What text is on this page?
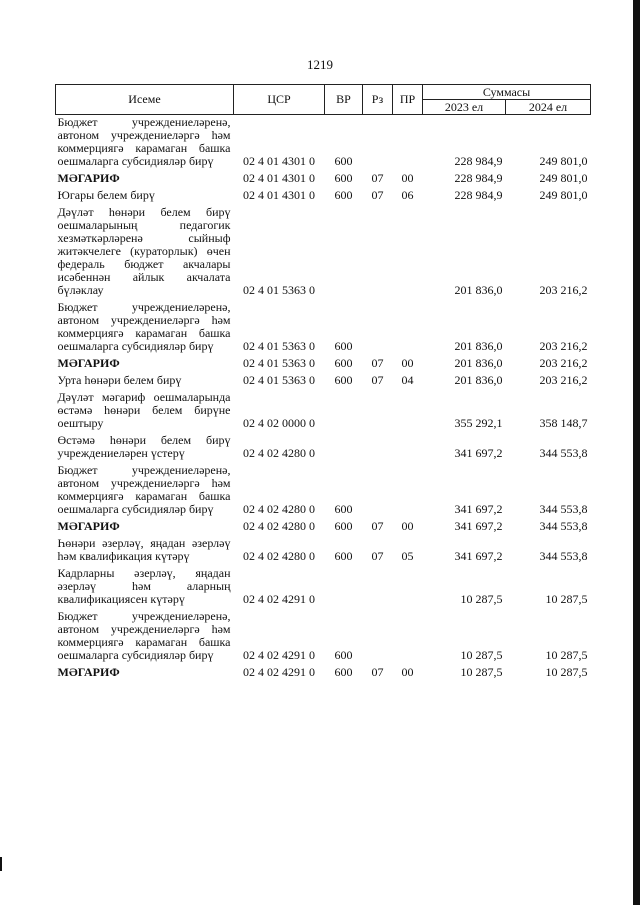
1219
Исеме	ЦСР	ВР	Рз	ПР	Суммасы	
					2023 ел	2024 ел
Бюджет учреждениеләренә, автоном учреждениеләргә һәм коммерциягә карамаган башка оешмаларга субсидияләр бирү	02 4 01 4301 0	600			228 984,9	249 801,0
МӘГАРИФ	02 4 01 4301 0	600	07	00	228 984,9	249 801,0
Югары белем бирү	02 4 01 4301 0	600	07	06	228 984,9	249 801,0
Дәүләт һөнәри белем бирү оешмаларының педагогик хезмәткәрләренә сыйныф житәкчелеге (кураторлык) өчен федераль бюджет акчалары исәбеннән айлык акчалата бүләклау	02 4 01 5363 0				201 836,0	203 216,2
Бюджет учреждениеләренә, автоном учреждениеләргә һәм коммерциягә карамаган башка оешмаларга субсидияләр бирү	02 4 01 5363 0	600			201 836,0	203 216,2
МӘГАРИФ	02 4 01 5363 0	600	07	00	201 836,0	203 216,2
Урта һөнәри белем бирү	02 4 01 5363 0	600	07	04	201 836,0	203 216,2
Дәүләт мәгариф оешмаларында өстәмә һөнәри белем бирүне оештыру	02 4 02 0000 0				355 292,1	358 148,7
Өстәмә һөнәри белем бирү учреждениеләрен үстерү	02 4 02 4280 0				341 697,2	344 553,8
Бюджет учреждениеләренә, автоном учреждениеләргә һәм коммерциягә карамаган башка оешмаларга субсидияләр бирү	02 4 02 4280 0	600			341 697,2	344 553,8
МӘГАРИФ	02 4 02 4280 0	600	07	00	341 697,2	344 553,8
Һөнәри әзерләү, яңадан әзерләү һәм квалификация күтәрү	02 4 02 4280 0	600	07	05	341 697,2	344 553,8
Кадрларны әзерләү, яңадан әзерләү һәм аларның квалификациясен күтәрү	02 4 02 4291 0				10 287,5	10 287,5
Бюджет учреждениеләренә, автоном учреждениеләргә һәм коммерциягә карамаган башка оешмаларга субсидияләр бирү	02 4 02 4291 0	600			10 287,5	10 287,5
МӘГАРИФ	02 4 02 4291 0	600	07	00	10 287,5	10 287,5
